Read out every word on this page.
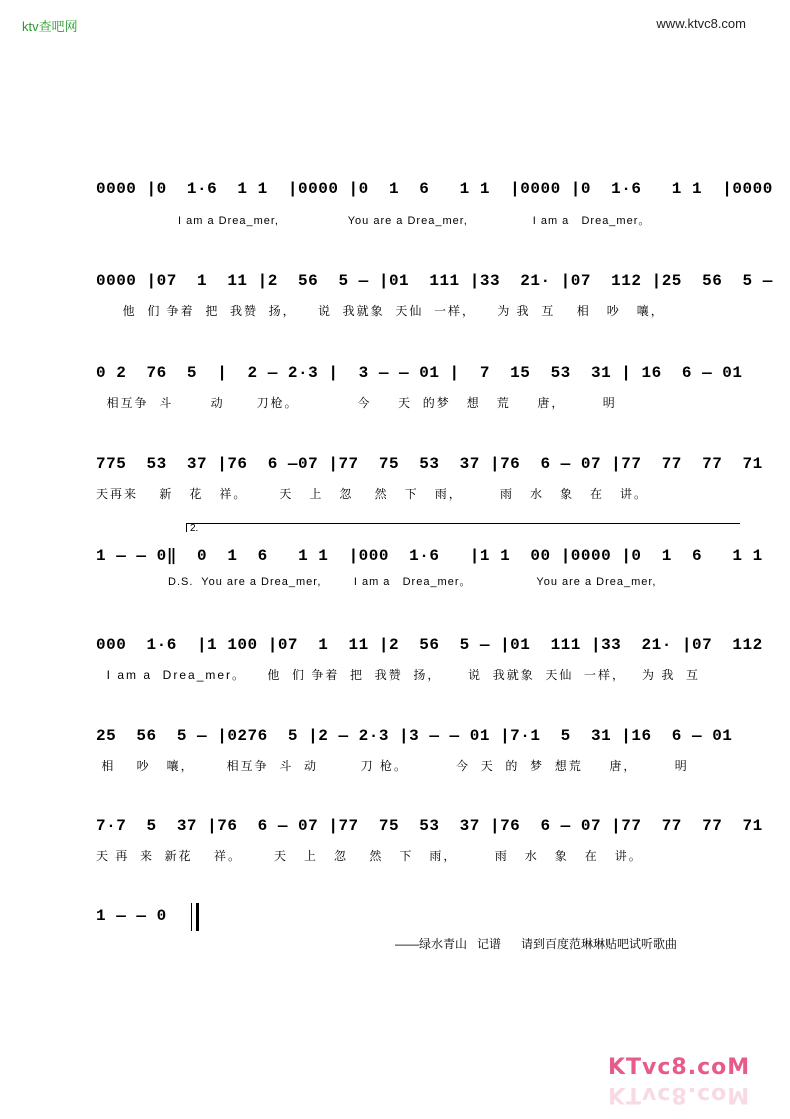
ktv查吧网	www.ktvc8.com
0000 |0  1·6  1 1  |0000 |0  1  6   1 1  |0000 |0  1·6   1 1  |0000
I am a Drea_mer,                 You are a Drea_mer,                I am a   Drea_mer。
0000 |07  1  11 |2  56  5 — |01  111 |33  21· |07  112 |25  56  5 —
他  们 争着  把  我赞  扬，    说  我就象  天仙  一样，    为 我  互    相   吵   嚷，
0 2  76  5  |  2 — 2·3 |  3 — — 01 |  7  15  53  31 | 16  6 — 01
相互争  斗       动      刀枪。           今     天  的梦   想   荒     唐，       明
775  53  37 |76  6 —07 |77  75  53  37 |76  6 — 07 |77  77  77  71
天再来    新   花   祥。      天   上   忽    然   下   雨，       雨   水   象   在   讲。
2.
1 — — 0‖  0  1  6   1 1  |000  1·6   |1 1  00 |0000 |0  1  6   1 1
D.S.  You are a Drea_mer,        I am a   Drea_mer。                You are a Drea_mer,
000  1·6  |1 100 |07  1  11 |2  56  5 — |01  111 |33  21· |07  112
I am a  Drea_mer。    他  们 争着  把  我赞  扬，     说  我就象  天仙  一样，   为 我  互
25  56  5 — |0276  5 |2 — 2·3 |3 — — 01 |7·1  5  31 |16  6 — 01
相    吵   嚷，      相互争  斗  动        刀 枪。         今  天  的  梦  想荒     唐，       明
7·7  5  37 |76  6 — 07 |77  75  53  37 |76  6 — 07 |77  77  77  71
天 再  来  新花    祥。      天   上   忽    然   下   雨，       雨   水   象   在   讲。
1 — — 0
——绿水青山   记谱      请到百度范琳琳贴吧试听歌曲
KTvc8.coM
KTvc8.coM
